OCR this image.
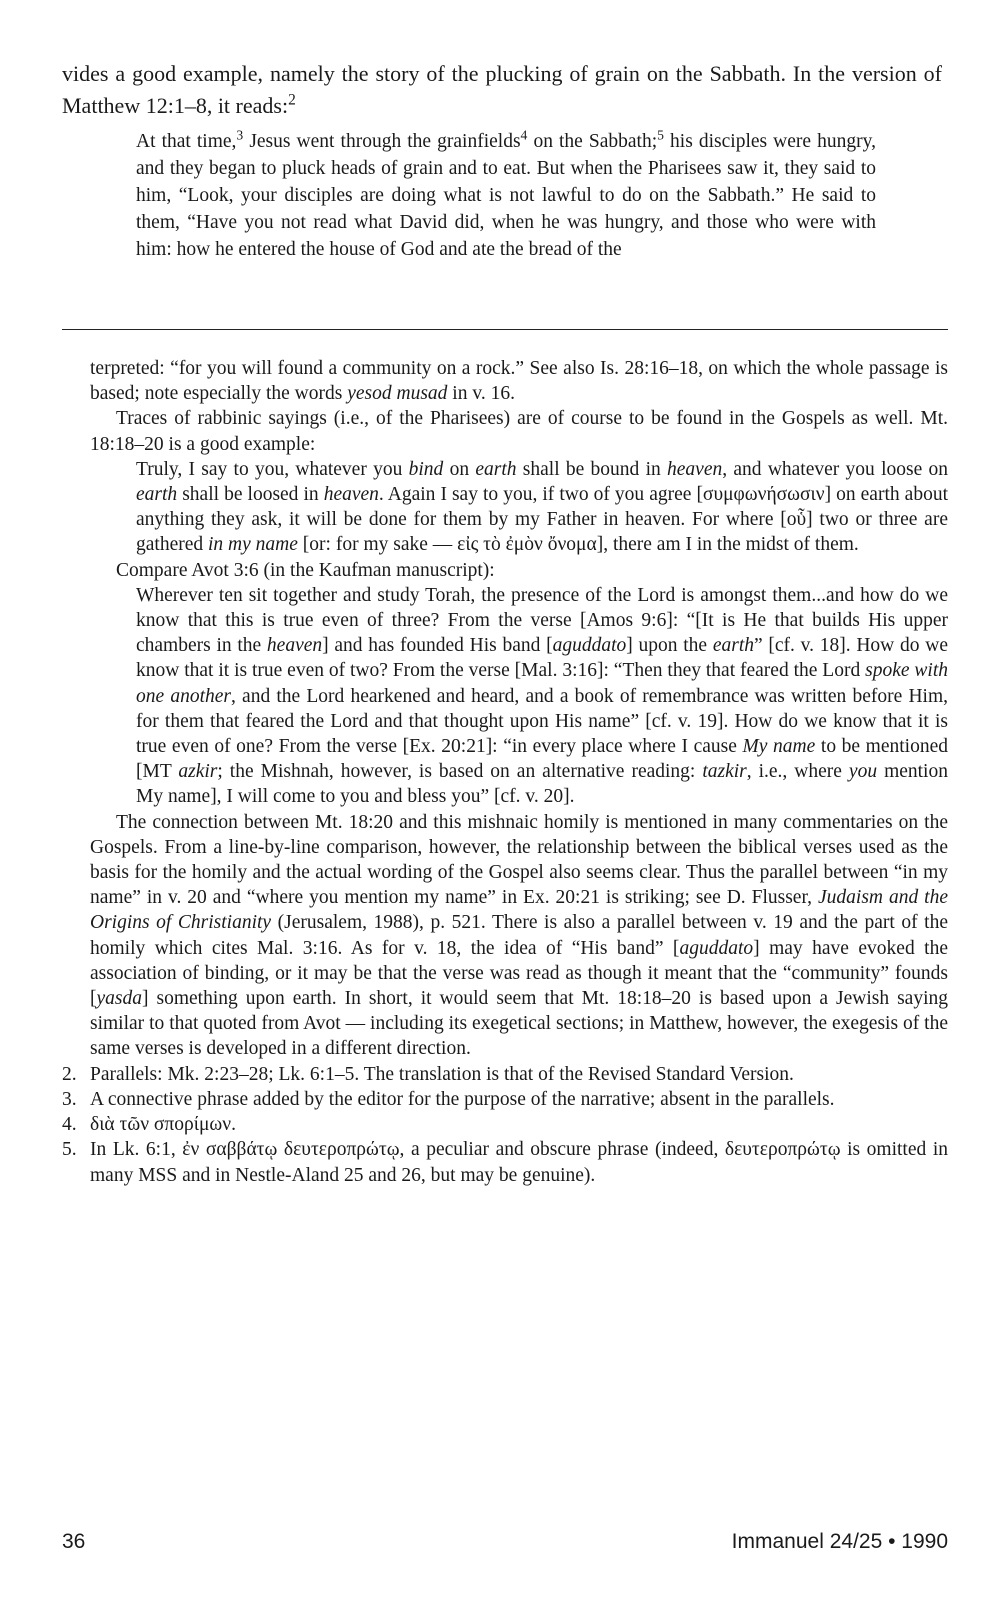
vides a good example, namely the story of the plucking of grain on the Sabbath. In the version of Matthew 12:1–8, it reads:$^2$

At that time,$^3$ Jesus went through the grainfields$^4$ on the Sabbath;$^5$ his disciples were hungry, and they began to pluck heads of grain and to eat. But when the Pharisees saw it, they said to him, “Look, your disciples are doing what is not lawful to do on the Sabbath.” He said to them, “Have you not read what David did, when he was hungry, and those who were with him: how he entered the house of God and ate the bread of the

terpreted: “for you will found a community on a rock.” See also Is. 28:16–18, on which the whole passage is based; note especially the words yesod musad in v. 16.

Traces of rabbinic sayings (i.e., of the Pharisees) are of course to be found in the Gospels as well. Mt. 18:18–20 is a good example:

Truly, I say to you, whatever you bind on earth shall be bound in heaven, and whatever you loose on earth shall be loosed in heaven. Again I say to you, if two of you agree [συμφωνήσωσιν] on earth about anything they ask, it will be done for them by my Father in heaven. For where [οὗ] two or three are gathered in my name [or: for my sake — εἰς τὸ ἐμὸν ὄνομα], there am I in the midst of them.

Compare Avot 3:6 (in the Kaufman manuscript):

Wherever ten sit together and study Torah, the presence of the Lord is amongst them...and how do we know that this is true even of three? From the verse [Amos 9:6]: “[It is He that builds His upper chambers in the heaven] and has founded His band [aguddato] upon the earth” [cf. v. 18]. How do we know that it is true even of two? From the verse [Mal. 3:16]: “Then they that feared the Lord spoke with one another, and the Lord hearkened and heard, and a book of remembrance was written before Him, for them that feared the Lord and that thought upon His name” [cf. v. 19]. How do we know that it is true even of one? From the verse [Ex. 20:21]: “in every place where I cause My name to be mentioned [MT azkir; the Mishnah, however, is based on an alternative reading: tazkir, i.e., where you mention My name], I will come to you and bless you” [cf. v. 20].

The connection between Mt. 18:20 and this mishnaic homily is mentioned in many commentaries on the Gospels. From a line-by-line comparison, however, the relationship between the biblical verses used as the basis for the homily and the actual wording of the Gospel also seems clear. Thus the parallel between “in my name” in v. 20 and “where you mention my name” in Ex. 20:21 is striking; see D. Flusser, Judaism and the Origins of Christianity (Jerusalem, 1988), p. 521. There is also a parallel between v. 19 and the part of the homily which cites Mal. 3:16. As for v. 18, the idea of “His band” [aguddato] may have evoked the association of binding, or it may be that the verse was read as though it meant that the “community” founds [yasda] something upon earth. In short, it would seem that Mt. 18:18–20 is based upon a Jewish saying similar to that quoted from Avot — including its exegetical sections; in Matthew, however, the exegesis of the same verses is developed in a different direction.

2. Parallels: Mk. 2:23–28; Lk. 6:1–5. The translation is that of the Revised Standard Version.

3. A connective phrase added by the editor for the purpose of the narrative; absent in the parallels.

4. διὰ τῶν σπορίμων.

5. In Lk. 6:1, ἐν σαββάτῳ δευτεροπρώτῳ, a peculiar and obscure phrase (indeed, δευτεροπρώτῳ is omitted in many MSS and in Nestle-Aland 25 and 26, but may be genuine).

36	Immanuel 24/25 • 1990
